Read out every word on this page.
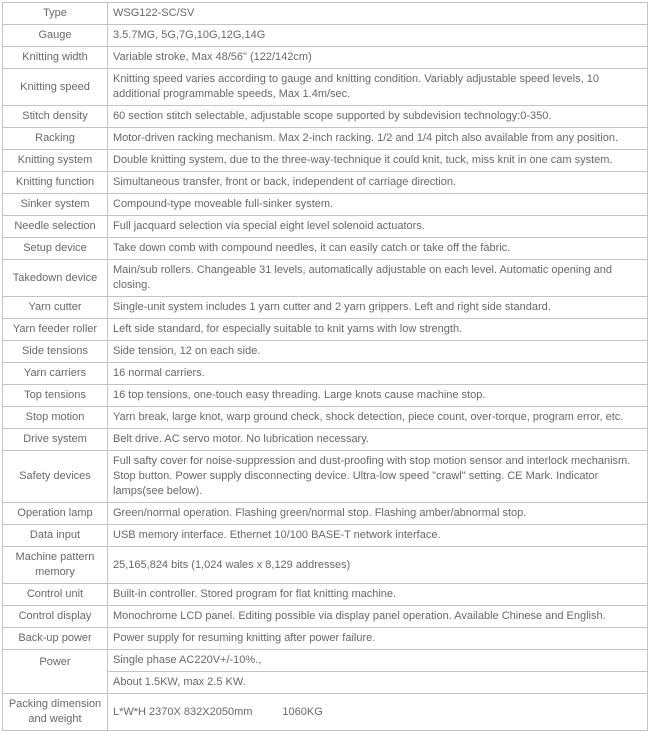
Type	WSG122-SC/SV
Gauge	3.5.7MG, 5G,7G,10G,12G,14G
Knitting width	Variable stroke, Max 48/56" (122/142cm)
Knitting speed	Knitting speed varies according to gauge and knitting condition. Variably adjustable speed levels, 10 additional programmable speeds, Max 1.4m/sec.
Stitch density	60 section stitch selectable, adjustable scope supported by subdevision technology:0-350.
Racking	Motor-driven racking mechanism. Max 2-inch racking. 1/2 and 1/4 pitch also available from any position.
Knitting system	Double knitting system, due to the three-way-technique it could knit, tuck, miss knit in one cam system.
Knitting function	Simultaneous transfer, front or back, independent of carriage direction.
Sinker system	Compound-type moveable full-sinker system.
Needle selection	Full jacquard selection via special eight level solenoid actuators.
Setup device	Take down comb with compound needles, it can easily catch or take off the fabric.
Takedown device	Main/sub rollers. Changeable 31 levels, automatically adjustable on each level. Automatic opening and closing.
Yarn cutter	Single-unit system includes 1 yarn cutter and 2 yarn grippers. Left and right side standard.
Yarn feeder roller	Left side standard, for especially suitable to knit yarns with low strength.
Side tensions	Side tension, 12 on each side.
Yarn carriers	16 normal carriers.
Top tensions	16 top tensions, one-touch easy threading. Large knots cause machine stop.
Stop motion	Yarn break, large knot, warp ground check, shock detection, piece count, over-torque, program error, etc.
Drive system	Belt drive. AC servo motor. No lubrication necessary.
Safety devices	Full safty cover for noise-suppression and dust-proofing with stop motion sensor and interlock mechanism. Stop button. Power supply disconnecting device. Ultra-low speed "crawl" setting. CE Mark. Indicator lamps(see below).
Operation lamp	Green/normal operation. Flashing green/normal stop. Flashing amber/abnormal stop.
Data input	USB memory interface. Ethernet 10/100 BASE-T network interface.
Machine pattern memory	25,165,824 bits (1,024 wales x 8,129 addresses)
Control unit	Built-in controller. Stored program for flat knitting machine.
Control display	Monochrome LCD panel. Editing possible via display panel operation. Available Chinese and English.
Back-up power	Power supply for resuming knitting after power failure.
Power	Single phase AC220V+/-10%.,
	About 1.5KW, max 2.5 KW.
Packing dimension and weight	L*W*H 2370X 832X2050mm 1060KG
